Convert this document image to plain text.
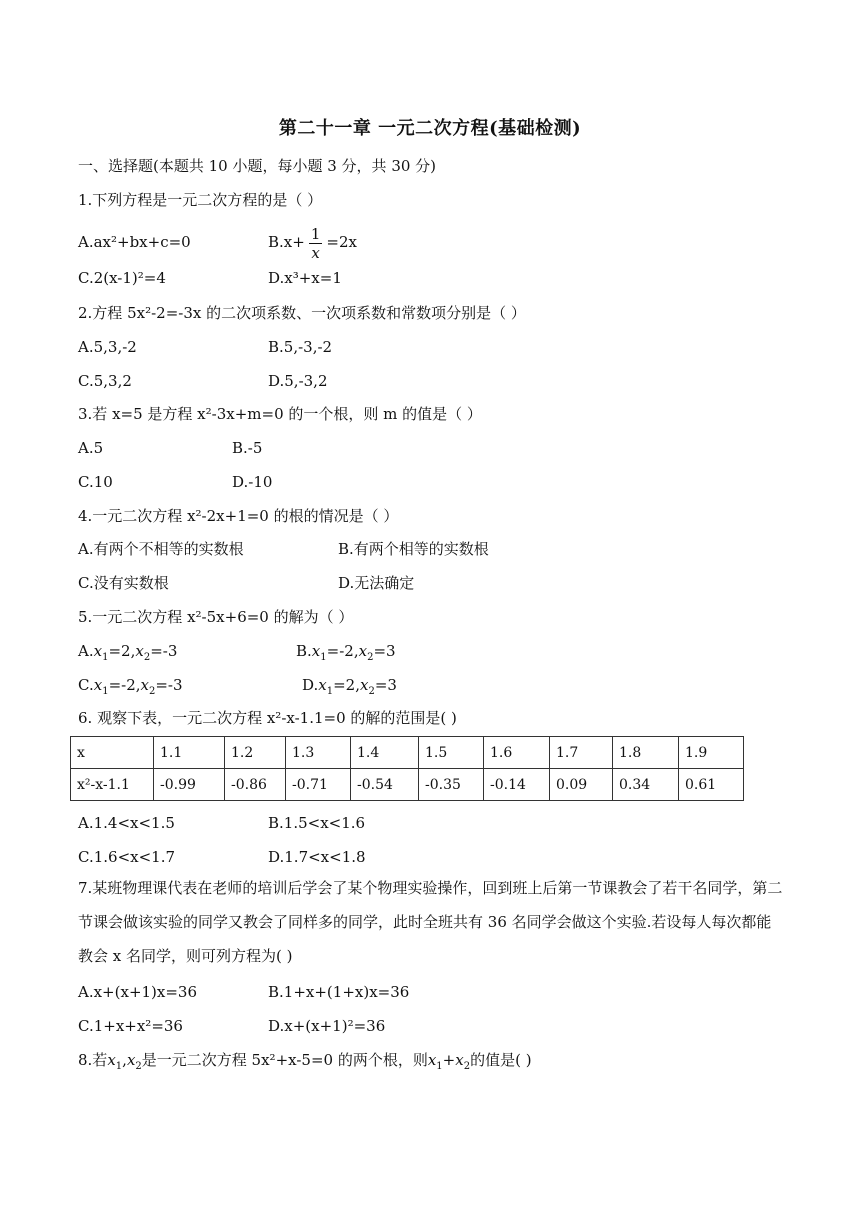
第二十一章 一元二次方程(基础检测)
一、选择题(本题共 10 小题，每小题 3 分，共 30 分)
1.下列方程是一元二次方程的是（ ）
A.ax²+bx+c=0	$B.x+ \frac{1}{x} =2x$
C.2(x-1)²=4	D.x³+x=1
2.方程 5x²-2=-3x 的二次项系数、一次项系数和常数项分别是（ ）
A.5,3,-2	B.5,-3,-2
C.5,3,2	D.5,-3,2
3.若 x=5 是方程 x²-3x+m=0 的一个根，则 m 的值是（ ）
A.5	B.-5
C.10	D.-10
4.一元二次方程 x²-2x+1=0 的根的情况是（ ）
A.有两个不相等的实数根	B.有两个相等的实数根
C.没有实数根	D.无法确定
5.一元二次方程 x²-5x+6=0 的解为（ ）
$A.x_1=2,x_2=-3$	$B.x_1=-2,x_2=3$
$C.x_1=-2,x_2=-3$	$D.x_1=2,x_2=3$
6. 观察下表，一元二次方程 x²-x-1.1=0 的解的范围是( )
x	1.1	1.2	1.3	1.4	1.5	1.6	1.7	1.8	1.9
x²-x-1.1	-0.99	-0.86	-0.71	-0.54	-0.35	-0.14	0.09	0.34	0.61
A.1.4<x<1.5	B.1.5<x<1.6
C.1.6<x<1.7	D.1.7<x<1.8
7.某班物理课代表在老师的培训后学会了某个物理实验操作，回到班上后第一节课教会了若干名同学，第二节课会做该实验的同学又教会了同样多的同学，此时全班共有 36 名同学会做这个实验.若设每人每次都能教会 x 名同学，则可列方程为( )
A.x+(x+1)x=36	B.1+x+(1+x)x=36
C.1+x+x²=36	D.x+(x+1)²=36
8.若$x_1,x_2$是一元二次方程 5x²+x-5=0 的两个根，则$x_1+x_2$的值是( )
